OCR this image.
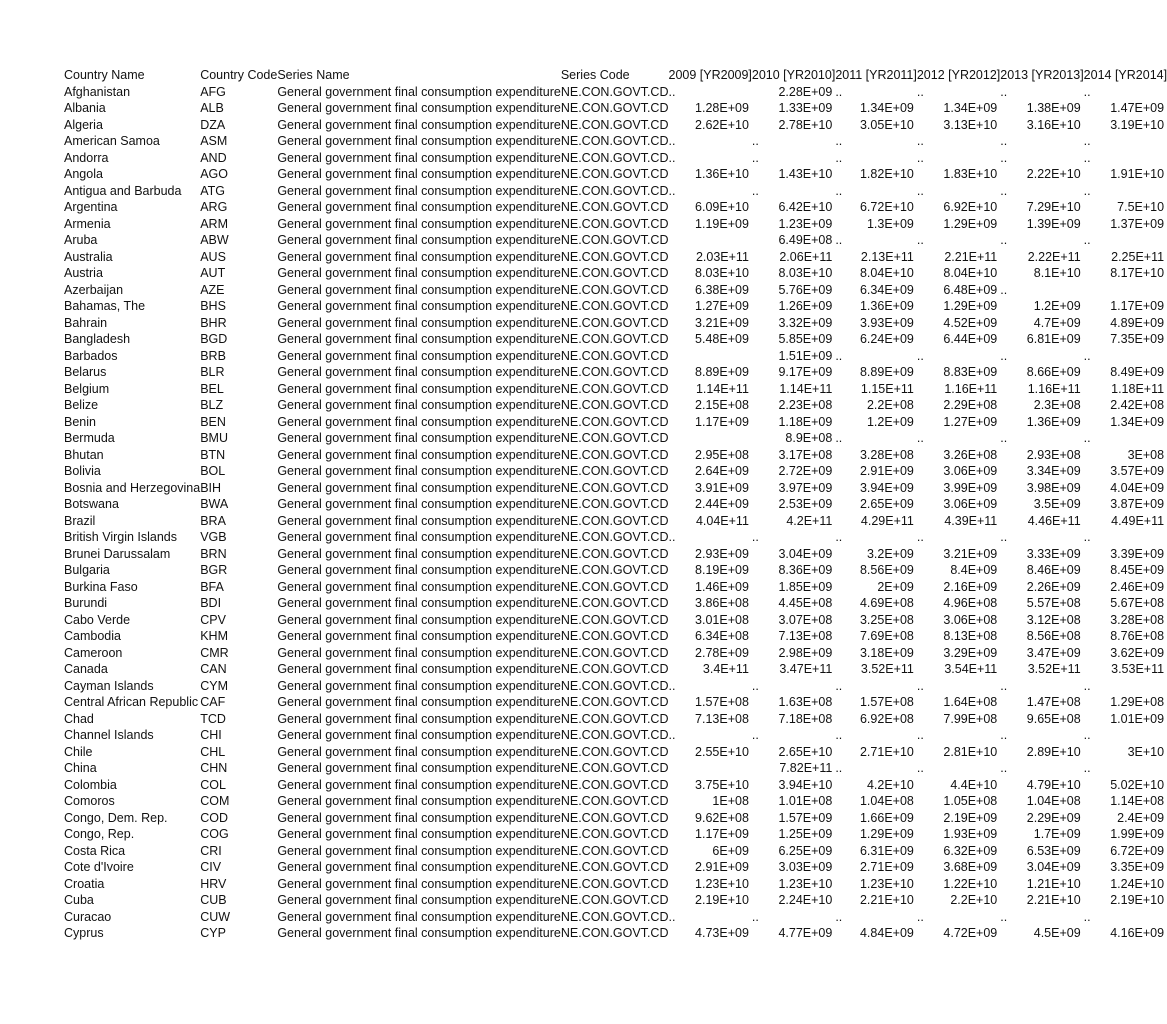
Country Name	Country Code	Series Name	Series Code	2009 [YR2009]	2010 [YR2010]	2011 [YR2011]	2012 [YR2012]	2013 [YR2013]	2014 [YR2014]
Afghanistan	AFG	General government final consumption expenditure	NE.CON.GOVT.CD	..	2.28E+09	..	..	..	..
Albania	ALB	General government final consumption expenditure	NE.CON.GOVT.CD	1.28E+09	1.33E+09	1.34E+09	1.34E+09	1.38E+09	1.47E+09
Algeria	DZA	General government final consumption expenditure	NE.CON.GOVT.CD	2.62E+10	2.78E+10	3.05E+10	3.13E+10	3.16E+10	3.19E+10
American Samoa	ASM	General government final consumption expenditure	NE.CON.GOVT.CD	..	..	..	..	..	..
Andorra	AND	General government final consumption expenditure	NE.CON.GOVT.CD	..	..	..	..	..	..
Angola	AGO	General government final consumption expenditure	NE.CON.GOVT.CD	1.36E+10	1.43E+10	1.82E+10	1.83E+10	2.22E+10	1.91E+10
Antigua and Barbuda	ATG	General government final consumption expenditure	NE.CON.GOVT.CD	..	..	..	..	..	..
Argentina	ARG	General government final consumption expenditure	NE.CON.GOVT.CD	6.09E+10	6.42E+10	6.72E+10	6.92E+10	7.29E+10	7.5E+10
Armenia	ARM	General government final consumption expenditure	NE.CON.GOVT.CD	1.19E+09	1.23E+09	1.3E+09	1.29E+09	1.39E+09	1.37E+09
Aruba	ABW	General government final consumption expenditure	NE.CON.GOVT.CD		6.49E+08	..	..	..	..
Australia	AUS	General government final consumption expenditure	NE.CON.GOVT.CD	2.03E+11	2.06E+11	2.13E+11	2.21E+11	2.22E+11	2.25E+11
Austria	AUT	General government final consumption expenditure	NE.CON.GOVT.CD	8.03E+10	8.03E+10	8.04E+10	8.04E+10	8.1E+10	8.17E+10
Azerbaijan	AZE	General government final consumption expenditure	NE.CON.GOVT.CD	6.38E+09	5.76E+09	6.34E+09	6.48E+09	..	
Bahamas, The	BHS	General government final consumption expenditure	NE.CON.GOVT.CD	1.27E+09	1.26E+09	1.36E+09	1.29E+09	1.2E+09	1.17E+09
Bahrain	BHR	General government final consumption expenditure	NE.CON.GOVT.CD	3.21E+09	3.32E+09	3.93E+09	4.52E+09	4.7E+09	4.89E+09
Bangladesh	BGD	General government final consumption expenditure	NE.CON.GOVT.CD	5.48E+09	5.85E+09	6.24E+09	6.44E+09	6.81E+09	7.35E+09
Barbados	BRB	General government final consumption expenditure	NE.CON.GOVT.CD		1.51E+09	..	..	..	..
Belarus	BLR	General government final consumption expenditure	NE.CON.GOVT.CD	8.89E+09	9.17E+09	8.89E+09	8.83E+09	8.66E+09	8.49E+09
Belgium	BEL	General government final consumption expenditure	NE.CON.GOVT.CD	1.14E+11	1.14E+11	1.15E+11	1.16E+11	1.16E+11	1.18E+11
Belize	BLZ	General government final consumption expenditure	NE.CON.GOVT.CD	2.15E+08	2.23E+08	2.2E+08	2.29E+08	2.3E+08	2.42E+08
Benin	BEN	General government final consumption expenditure	NE.CON.GOVT.CD	1.17E+09	1.18E+09	1.2E+09	1.27E+09	1.36E+09	1.34E+09
Bermuda	BMU	General government final consumption expenditure	NE.CON.GOVT.CD		8.9E+08	..	..	..	..
Bhutan	BTN	General government final consumption expenditure	NE.CON.GOVT.CD	2.95E+08	3.17E+08	3.28E+08	3.26E+08	2.93E+08	3E+08
Bolivia	BOL	General government final consumption expenditure	NE.CON.GOVT.CD	2.64E+09	2.72E+09	2.91E+09	3.06E+09	3.34E+09	3.57E+09
Bosnia and Herzegovina	BIH	General government final consumption expenditure	NE.CON.GOVT.CD	3.91E+09	3.97E+09	3.94E+09	3.99E+09	3.98E+09	4.04E+09
Botswana	BWA	General government final consumption expenditure	NE.CON.GOVT.CD	2.44E+09	2.53E+09	2.65E+09	3.06E+09	3.5E+09	3.87E+09
Brazil	BRA	General government final consumption expenditure	NE.CON.GOVT.CD	4.04E+11	4.2E+11	4.29E+11	4.39E+11	4.46E+11	4.49E+11
British Virgin Islands	VGB	General government final consumption expenditure	NE.CON.GOVT.CD	..	..	..	..	..	..
Brunei Darussalam	BRN	General government final consumption expenditure	NE.CON.GOVT.CD	2.93E+09	3.04E+09	3.2E+09	3.21E+09	3.33E+09	3.39E+09
Bulgaria	BGR	General government final consumption expenditure	NE.CON.GOVT.CD	8.19E+09	8.36E+09	8.56E+09	8.4E+09	8.46E+09	8.45E+09
Burkina Faso	BFA	General government final consumption expenditure	NE.CON.GOVT.CD	1.46E+09	1.85E+09	2E+09	2.16E+09	2.26E+09	2.46E+09
Burundi	BDI	General government final consumption expenditure	NE.CON.GOVT.CD	3.86E+08	4.45E+08	4.69E+08	4.96E+08	5.57E+08	5.67E+08
Cabo Verde	CPV	General government final consumption expenditure	NE.CON.GOVT.CD	3.01E+08	3.07E+08	3.25E+08	3.06E+08	3.12E+08	3.28E+08
Cambodia	KHM	General government final consumption expenditure	NE.CON.GOVT.CD	6.34E+08	7.13E+08	7.69E+08	8.13E+08	8.56E+08	8.76E+08
Cameroon	CMR	General government final consumption expenditure	NE.CON.GOVT.CD	2.78E+09	2.98E+09	3.18E+09	3.29E+09	3.47E+09	3.62E+09
Canada	CAN	General government final consumption expenditure	NE.CON.GOVT.CD	3.4E+11	3.47E+11	3.52E+11	3.54E+11	3.52E+11	3.53E+11
Cayman Islands	CYM	General government final consumption expenditure	NE.CON.GOVT.CD	..	..	..	..	..	..
Central African Republic	CAF	General government final consumption expenditure	NE.CON.GOVT.CD	1.57E+08	1.63E+08	1.57E+08	1.64E+08	1.47E+08	1.29E+08
Chad	TCD	General government final consumption expenditure	NE.CON.GOVT.CD	7.13E+08	7.18E+08	6.92E+08	7.99E+08	9.65E+08	1.01E+09
Channel Islands	CHI	General government final consumption expenditure	NE.CON.GOVT.CD	..	..	..	..	..	..
Chile	CHL	General government final consumption expenditure	NE.CON.GOVT.CD	2.55E+10	2.65E+10	2.71E+10	2.81E+10	2.89E+10	3E+10
China	CHN	General government final consumption expenditure	NE.CON.GOVT.CD		7.82E+11	..	..	..	..
Colombia	COL	General government final consumption expenditure	NE.CON.GOVT.CD	3.75E+10	3.94E+10	4.2E+10	4.4E+10	4.79E+10	5.02E+10
Comoros	COM	General government final consumption expenditure	NE.CON.GOVT.CD	1E+08	1.01E+08	1.04E+08	1.05E+08	1.04E+08	1.14E+08
Congo, Dem. Rep.	COD	General government final consumption expenditure	NE.CON.GOVT.CD	9.62E+08	1.57E+09	1.66E+09	2.19E+09	2.29E+09	2.4E+09
Congo, Rep.	COG	General government final consumption expenditure	NE.CON.GOVT.CD	1.17E+09	1.25E+09	1.29E+09	1.93E+09	1.7E+09	1.99E+09
Costa Rica	CRI	General government final consumption expenditure	NE.CON.GOVT.CD	6E+09	6.25E+09	6.31E+09	6.32E+09	6.53E+09	6.72E+09
Cote d'Ivoire	CIV	General government final consumption expenditure	NE.CON.GOVT.CD	2.91E+09	3.03E+09	2.71E+09	3.68E+09	3.04E+09	3.35E+09
Croatia	HRV	General government final consumption expenditure	NE.CON.GOVT.CD	1.23E+10	1.23E+10	1.23E+10	1.22E+10	1.21E+10	1.24E+10
Cuba	CUB	General government final consumption expenditure	NE.CON.GOVT.CD	2.19E+10	2.24E+10	2.21E+10	2.2E+10	2.21E+10	2.19E+10
Curacao	CUW	General government final consumption expenditure	NE.CON.GOVT.CD	..	..	..	..	..	..
Cyprus	CYP	General government final consumption expenditure	NE.CON.GOVT.CD	4.73E+09	4.77E+09	4.84E+09	4.72E+09	4.5E+09	4.16E+09
